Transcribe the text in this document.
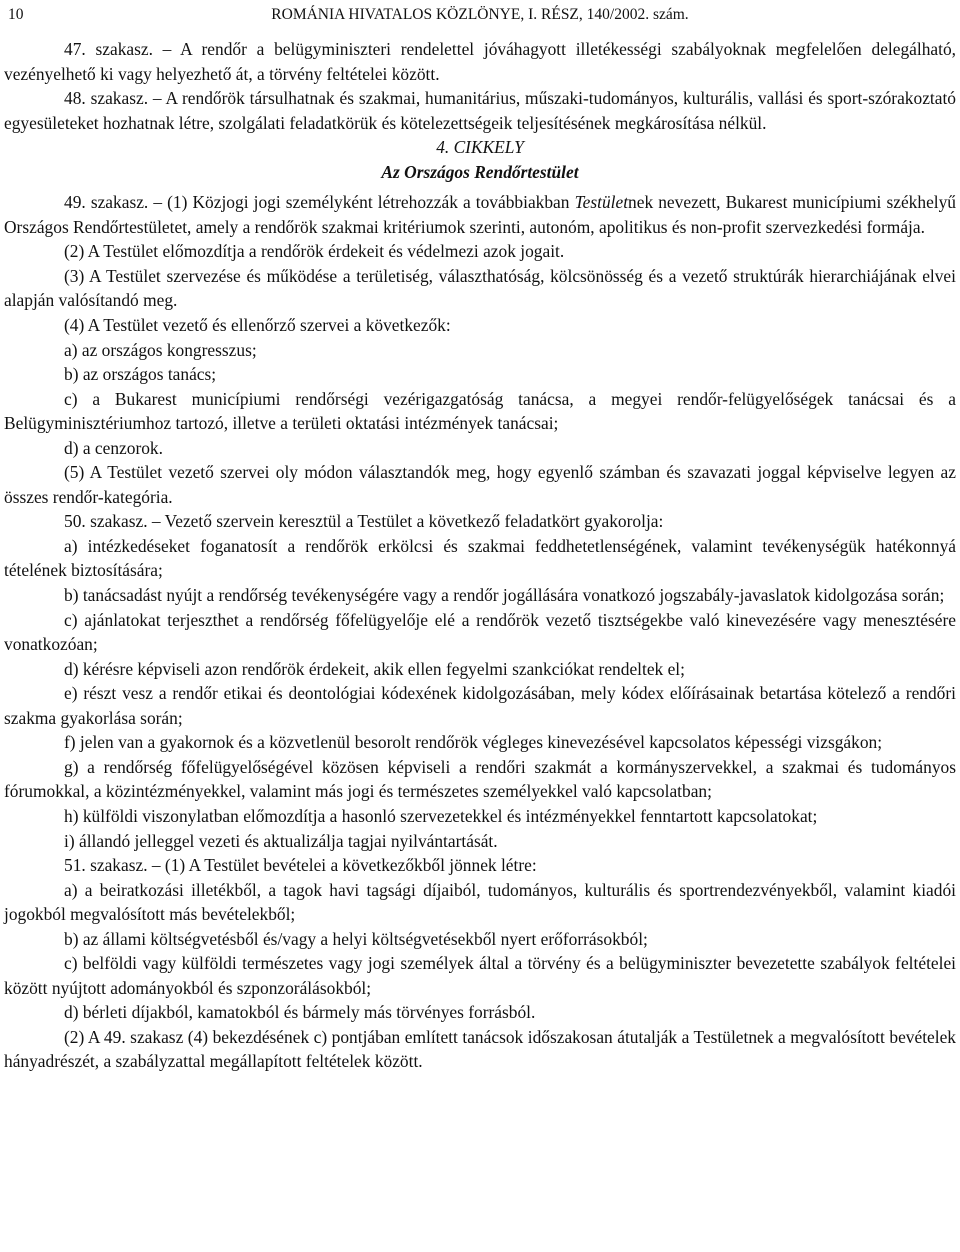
10	ROMÁNIA HIVATALOS KÖZLÖNYE, I. RÉSZ, 140/2002. szám.

47. szakasz. – A rendőr a belügyminiszteri rendelettel jóváhagyott illetékességi szabályoknak megfelelően delegálható, vezényelhető ki vagy helyezhető át, a törvény feltételei között.

48. szakasz. – A rendőrök társulhatnak és szakmai, humanitárius, műszaki-tudományos, kulturális, vallási és sport-szórakoztató egyesületeket hozhatnak létre, szolgálati feladatkörük és kötelezettségeik teljesítésének megkárosítása nélkül.

4. CIKKELY

Az Országos Rendőrtestület

49. szakasz. – (1) Közjogi jogi személyként létrehozzák a továbbiakban Testületnek nevezett, Bukarest municípiumi székhelyű Országos Rendőrtestületet, amely a rendőrök szakmai kritériumok szerinti, autonóm, apolitikus és non-profit szervezkedési formája.

(2) A Testület előmozdítja a rendőrök érdekeit és védelmezi azok jogait.

(3) A Testület szervezése és működése a területiség, választhatóság, kölcsönösség és a vezető struktúrák hierarchiájának elvei alapján valósítandó meg.

(4) A Testület vezető és ellenőrző szervei a következők:

a) az országos kongresszus;

b) az országos tanács;

c) a Bukarest municípiumi rendőrségi vezérigazgatóság tanácsa, a megyei rendőr-felügyelőségek tanácsai és a Belügyminisztériumhoz tartozó, illetve a területi oktatási intézmények tanácsai;

d) a cenzorok.

(5) A Testület vezető szervei oly módon választandók meg, hogy egyenlő számban és szavazati joggal képviselve legyen az összes rendőr-kategória.

50. szakasz. – Vezető szervein keresztül a Testület a következő feladatkört gyakorolja:

a) intézkedéseket foganatosít a rendőrök erkölcsi és szakmai feddhetetlenségének, valamint tevékenységük hatékonnyá tételének biztosítására;

b) tanácsadást nyújt a rendőrség tevékenységére vagy a rendőr jogállására vonatkozó jogszabály-javaslatok kidolgozása során;

c) ajánlatokat terjeszthet a rendőrség főfelügyelője elé a rendőrök vezető tisztségekbe való kinevezésére vagy menesztésére vonatkozóan;

d) kérésre képviseli azon rendőrök érdekeit, akik ellen fegyelmi szankciókat rendeltek el;

e) részt vesz a rendőr etikai és deontológiai kódexének kidolgozásában, mely kódex előírásainak betartása kötelező a rendőri szakma gyakorlása során;

f) jelen van a gyakornok és a közvetlenül besorolt rendőrök végleges kinevezésével kapcsolatos képességi vizsgákon;

g) a rendőrség főfelügyelőségével közösen képviseli a rendőri szakmát a kormányszervekkel, a szakmai és tudományos fórumokkal, a közintézményekkel, valamint más jogi és természetes személyekkel való kapcsolatban;

h) külföldi viszonylatban előmozdítja a hasonló szervezetekkel és intézményekkel fenntartott kapcsolatokat;

i) állandó jelleggel vezeti és aktualizálja tagjai nyilvántartását.

51. szakasz. – (1) A Testület bevételei a következőkből jönnek létre:

a) a beiratkozási illetékből, a tagok havi tagsági díjaiból, tudományos, kulturális és sportrendezvényekből, valamint kiadói jogokból megvalósított más bevételekből;

b) az állami költségvetésből és/vagy a helyi költségvetésekből nyert erőforrásokból;

c) belföldi vagy külföldi természetes vagy jogi személyek által a törvény és a belügyminiszter bevezetette szabályok feltételei között nyújtott adományokból és szponzorálásokból;

d) bérleti díjakból, kamatokból és bármely más törvényes forrásból.

(2) A 49. szakasz (4) bekezdésének c) pontjában említett tanácsok időszakosan átutalják a Testületnek a megvalósított bevételek hányadrészét, a szabályzattal megállapított feltételek között.
